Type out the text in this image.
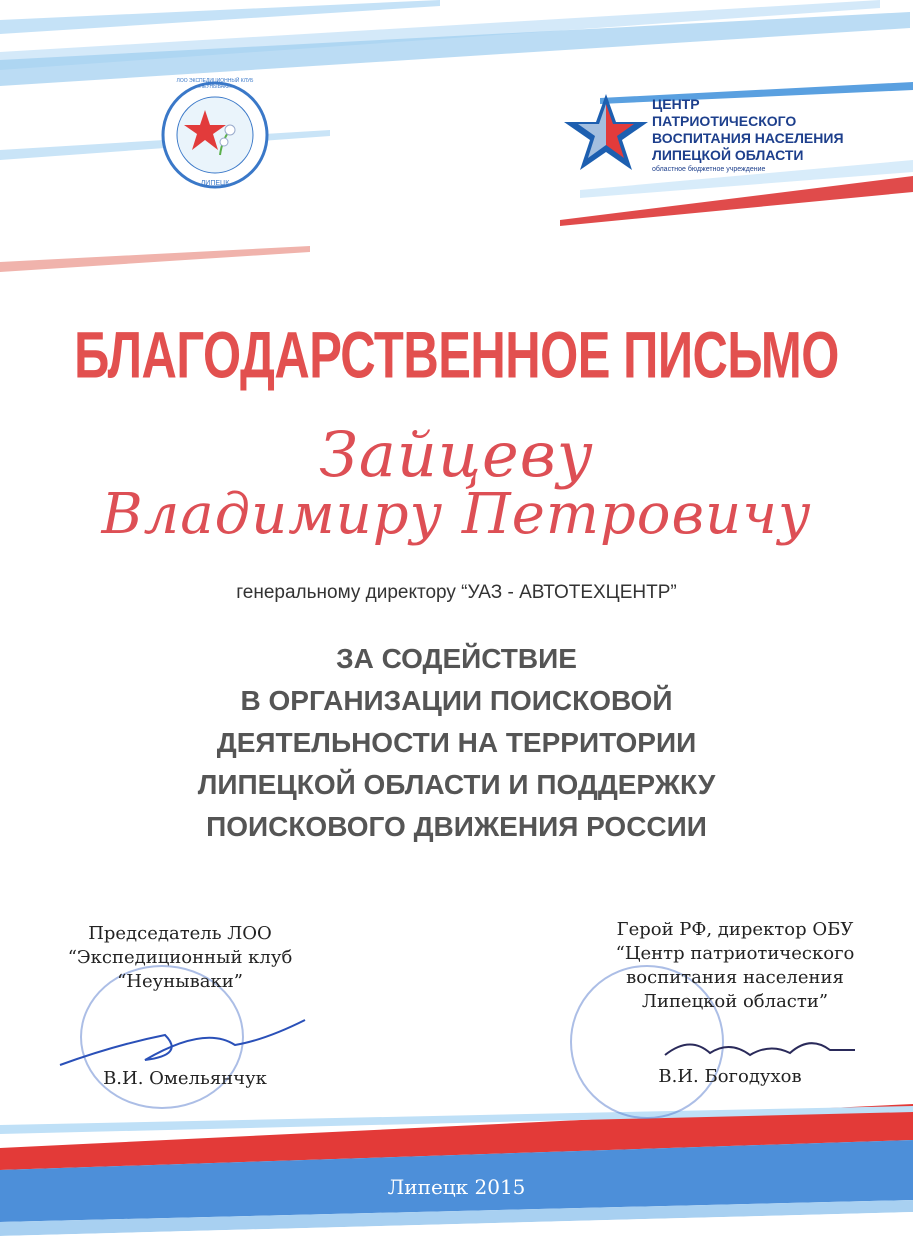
ЛИПЕЦК
ЛОО ЭКСПЕДИЦИОННЫЙ КЛУБ «НЕУНЫВАКИ»
ЦЕНТР
ПАТРИОТИЧЕСКОГО
ВОСПИТАНИЯ НАСЕЛЕНИЯ
ЛИПЕЦКОЙ ОБЛАСТИ
областное бюджетное учреждение
БЛАГОДАРСТВЕННОЕ ПИСЬМО
Зайцеву
Владимиру Петровичу
генеральному директору “УАЗ - АВТОТЕХЦЕНТР”
ЗА СОДЕЙСТВИЕ
В ОРГАНИЗАЦИИ ПОИСКОВОЙ
ДЕЯТЕЛЬНОСТИ НА ТЕРРИТОРИИ
ЛИПЕЦКОЙ ОБЛАСТИ И ПОДДЕРЖКУ
ПОИСКОВОГО ДВИЖЕНИЯ РОССИИ
Председатель ЛОО
“Экспедиционный клуб
“Неунываки”
В.И. Омельянчук
Герой РФ, директор ОБУ
“Центр патриотического
воспитания населения
Липецкой области”
В.И. Богодухов
Липецк 2015
